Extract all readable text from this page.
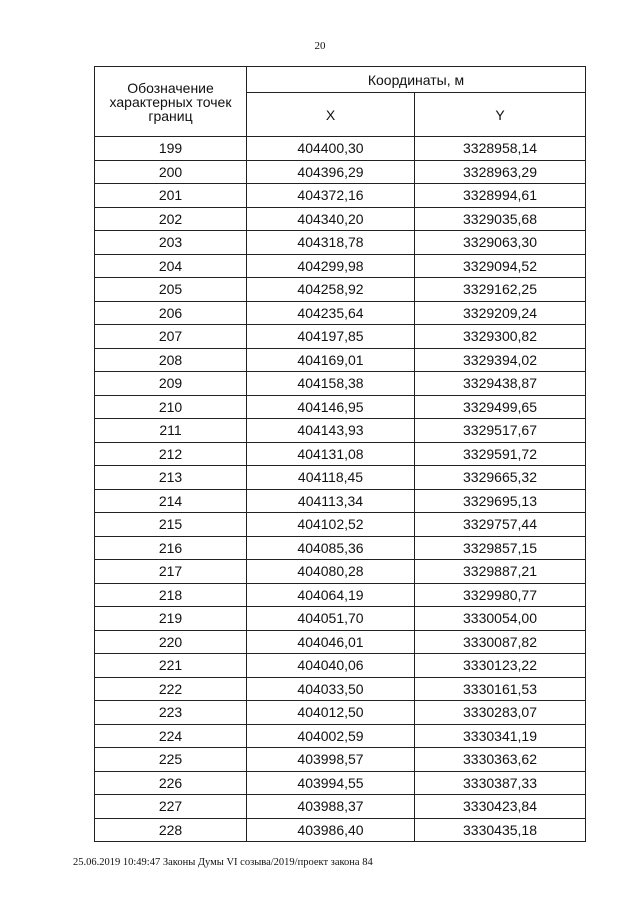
20
Обозначение характерных точек границ	Координаты, м	
	X	Y
199	404400,30	3328958,14
200	404396,29	3328963,29
201	404372,16	3328994,61
202	404340,20	3329035,68
203	404318,78	3329063,30
204	404299,98	3329094,52
205	404258,92	3329162,25
206	404235,64	3329209,24
207	404197,85	3329300,82
208	404169,01	3329394,02
209	404158,38	3329438,87
210	404146,95	3329499,65
211	404143,93	3329517,67
212	404131,08	3329591,72
213	404118,45	3329665,32
214	404113,34	3329695,13
215	404102,52	3329757,44
216	404085,36	3329857,15
217	404080,28	3329887,21
218	404064,19	3329980,77
219	404051,70	3330054,00
220	404046,01	3330087,82
221	404040,06	3330123,22
222	404033,50	3330161,53
223	404012,50	3330283,07
224	404002,59	3330341,19
225	403998,57	3330363,62
226	403994,55	3330387,33
227	403988,37	3330423,84
228	403986,40	3330435,18
25.06.2019 10:49:47 Законы Думы VI созыва/2019/проект закона 84
